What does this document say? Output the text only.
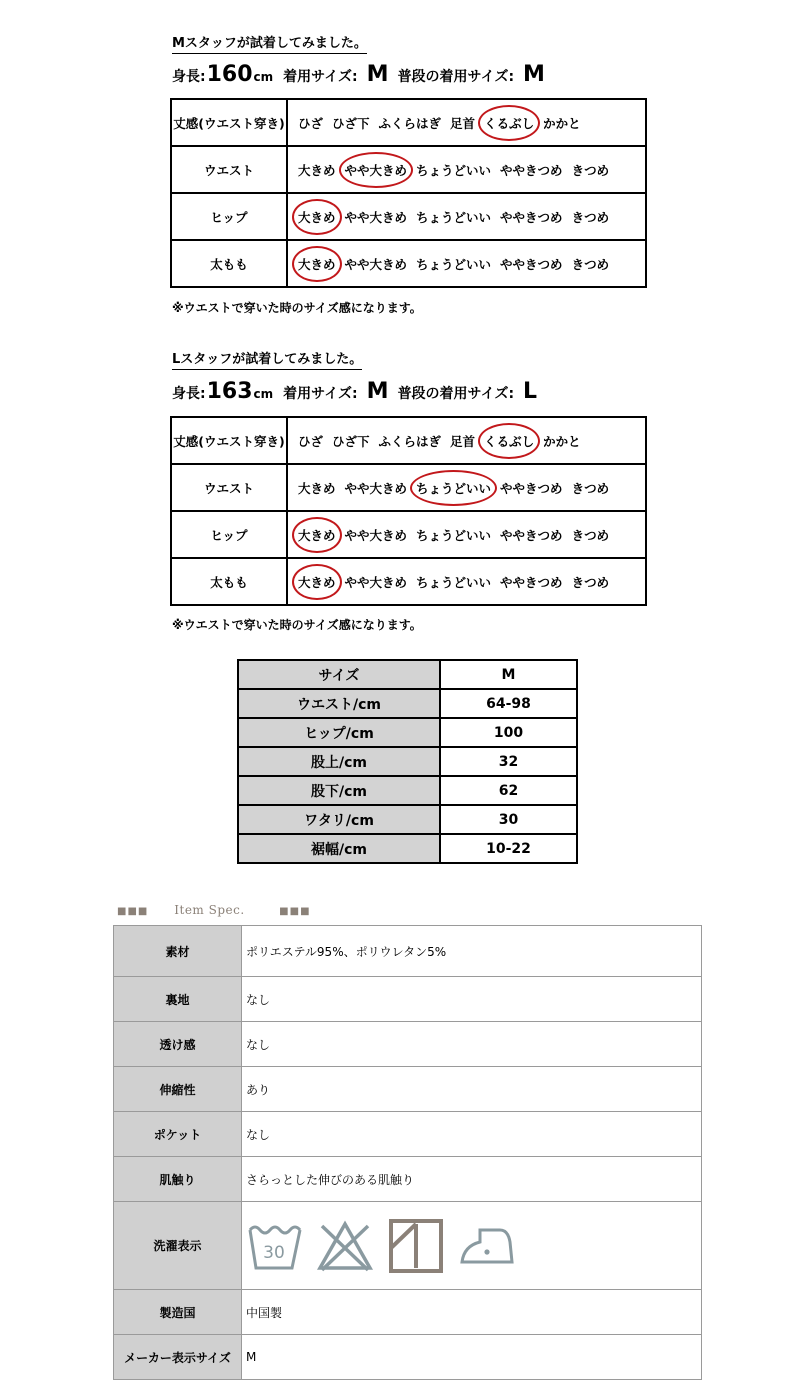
Mスタッフが試着してみました。
身長: 160 cm 着用サイズ: M 普段の着用サイズ: M
丈感(ウエスト穿き)	ひざ ひざ下 ふくらはぎ 足首 くるぶし かかと
ウエスト	大きめ やや大きめ ちょうどいい ややきつめ きつめ
ヒップ	大きめ やや大きめ ちょうどいい ややきつめ きつめ
太もも	大きめ やや大きめ ちょうどいい ややきつめ きつめ
※ウエストで穿いた時のサイズ感になります。
Lスタッフが試着してみました。
身長: 163 cm 着用サイズ: M 普段の着用サイズ: L
丈感(ウエスト穿き)	ひざ ひざ下 ふくらはぎ 足首 くるぶし かかと
ウエスト	大きめ やや大きめ ちょうどいい ややきつめ きつめ
ヒップ	大きめ やや大きめ ちょうどいい ややきつめ きつめ
太もも	大きめ やや大きめ ちょうどいい ややきつめ きつめ
※ウエストで穿いた時のサイズ感になります。
サイズ	M
ウエスト/cm	64-98
ヒップ/cm	100
股上/cm	32
股下/cm	62
ワタリ/cm	30
裾幅/cm	10-22
■■■ Item Spec.	■■■
素材	ポリエステル95%、ポリウレタン5%
裏地	なし
透け感	なし
伸縮性	あり
ポケット	なし
肌触り	さらっとした伸びのある肌触り
洗濯表示	30

製造国	中国製
メーカー表示サイズ	M
